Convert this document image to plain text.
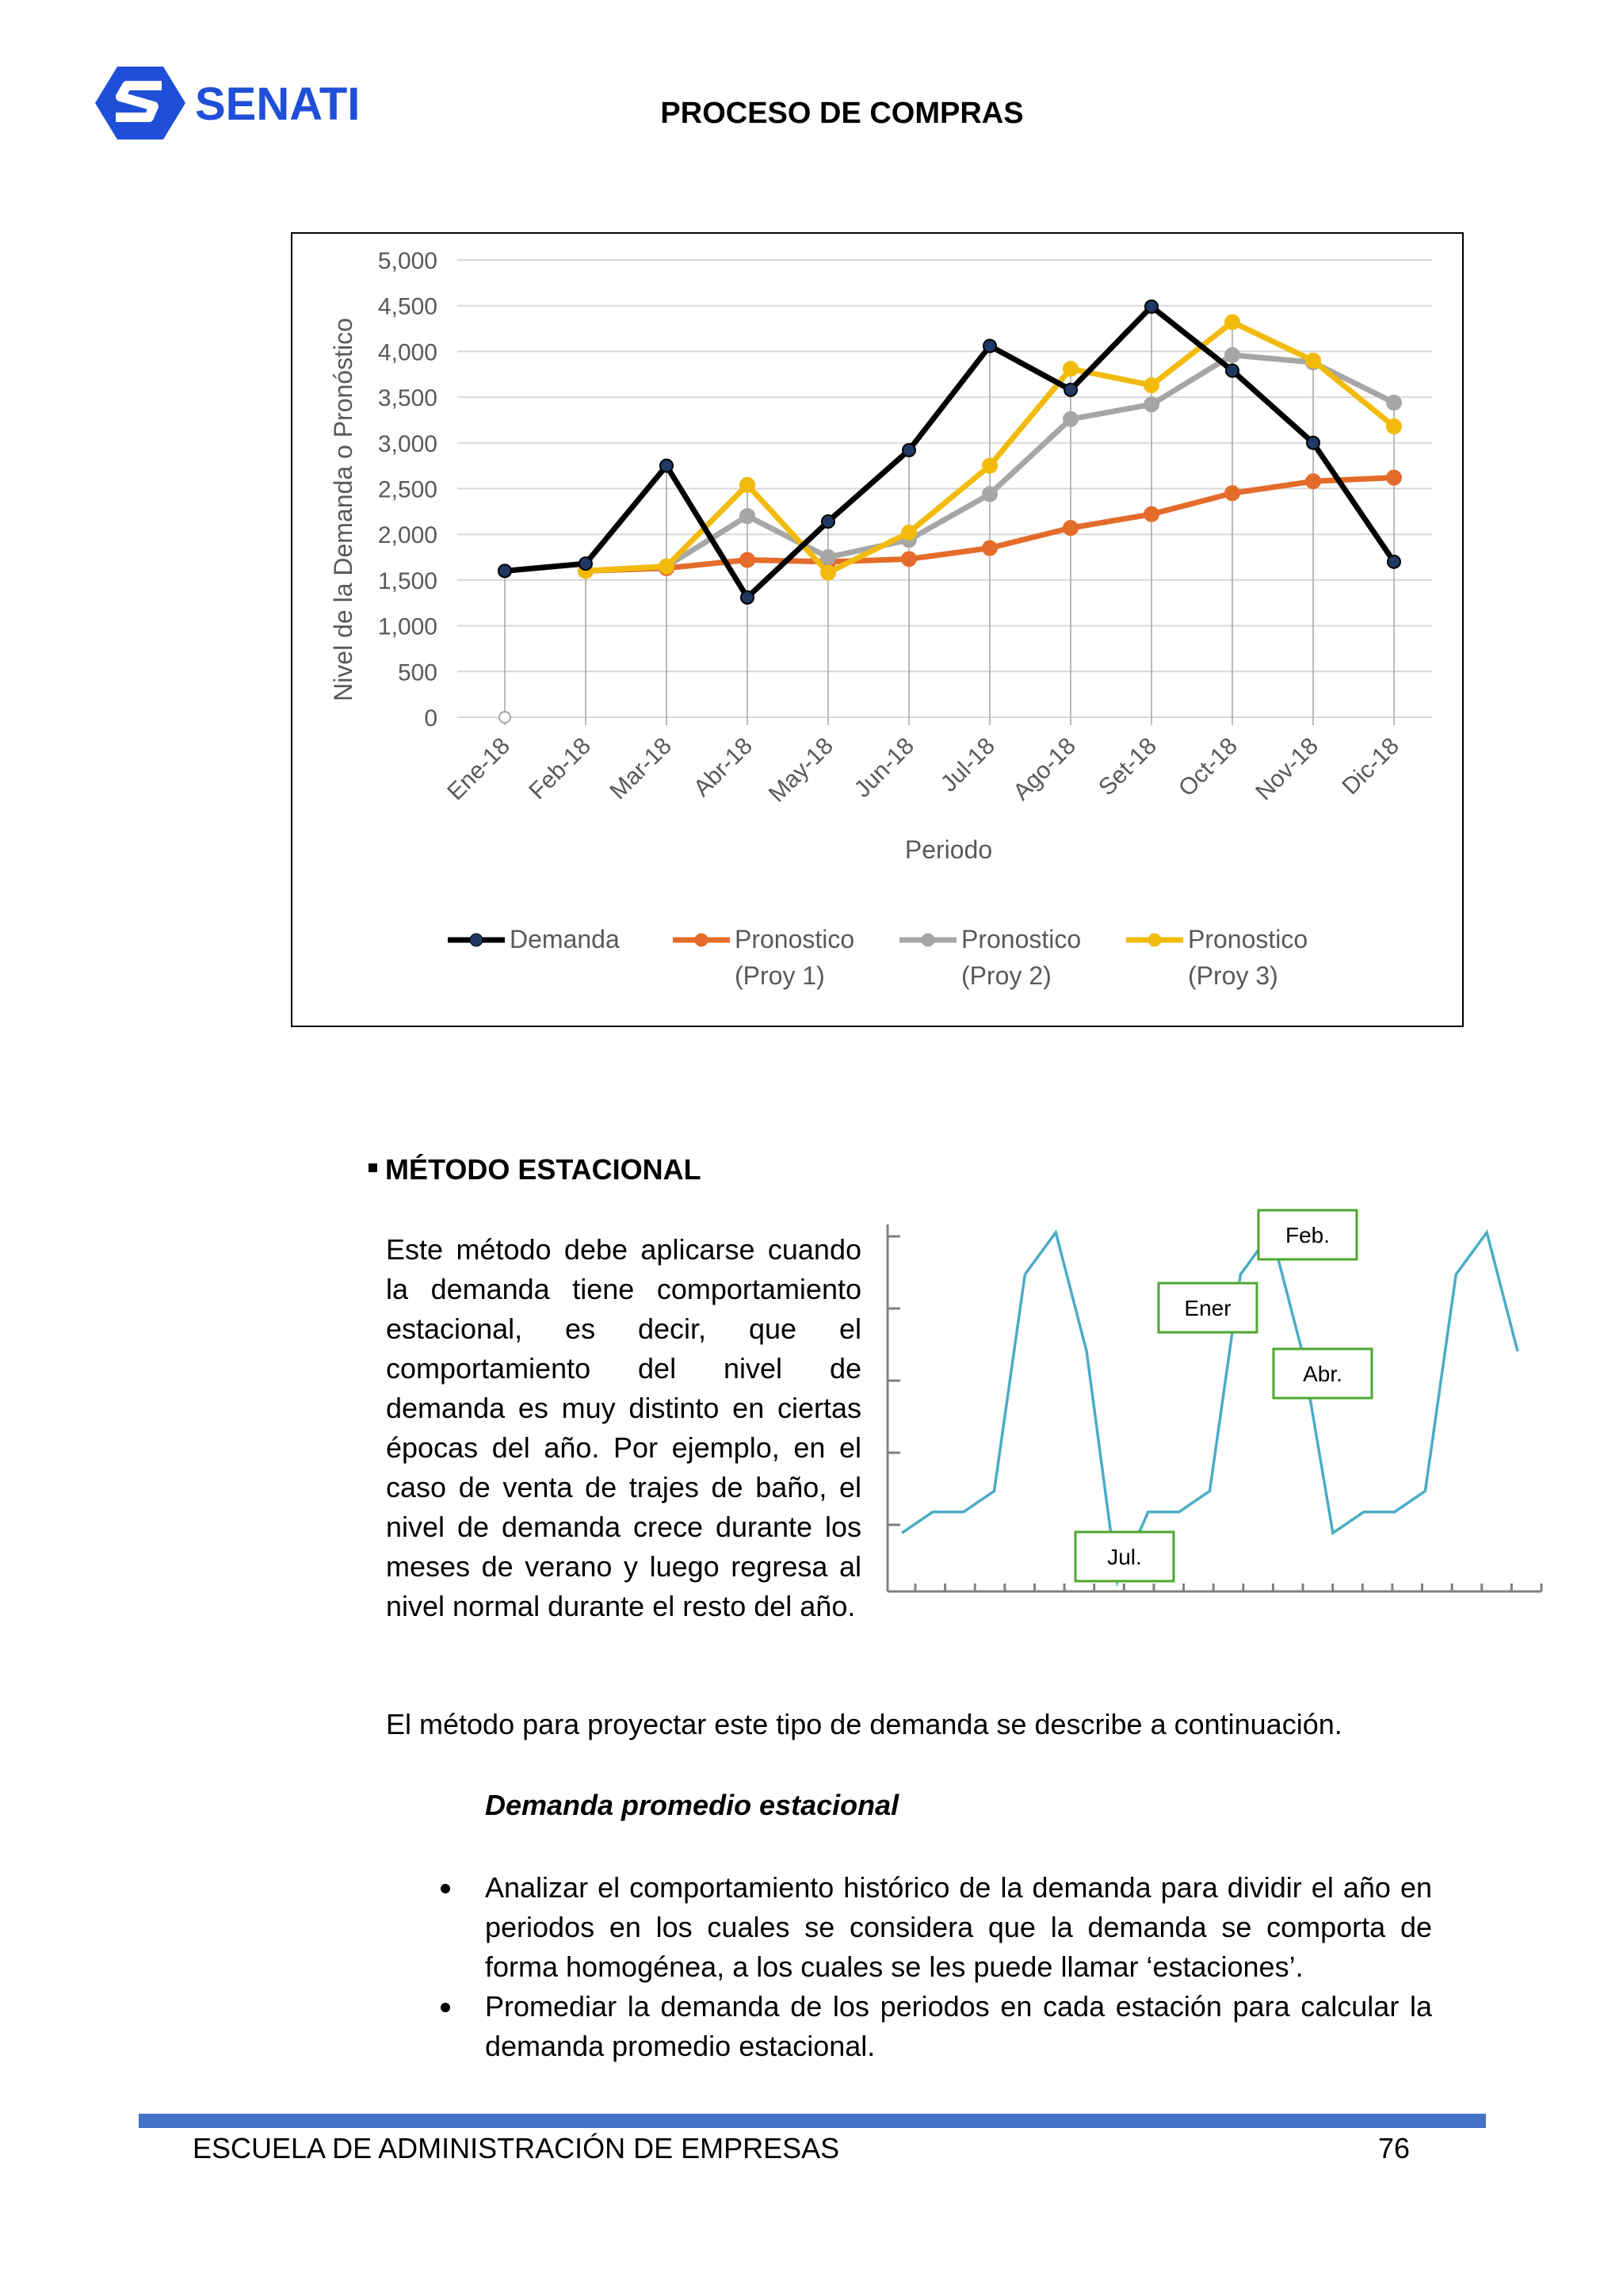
SENATI	PROCESO DE COMPRAS
0
500
1,000
1,500
2,000
2,500
3,000
3,500
4,000
4,500
5,000
Ene-18 Feb-18 Mar-18 Abr-18 May-18 Jun-18 Jul-18 Ago-18 Set-18 Oct-18 Nov-18 Dic-18
Periodo
Nivel de la Demanda o Pronóstico
Demanda	Pronostico
(Proy 1)
Pronostico
(Proy 2)
Pronostico
(Proy 3)
MÉTODO ESTACIONAL
Este método debe aplicarse cuando la demanda tiene comportamiento estacional, es decir, que el comportamiento del nivel de demanda es muy distinto en ciertas épocas del año. Por ejemplo, en el caso de venta de trajes de baño, el nivel de demanda crece durante los meses de verano y luego regresa al nivel normal durante el resto del año.
Feb.
Ener
Abr.
Jul.
El método para proyectar este tipo de demanda se describe a continuación.
Demanda promedio estacional
Analizar el comportamiento histórico de la demanda para dividir el año en periodos en los cuales se considera que la demanda se comporta de forma homogénea, a los cuales se les puede llamar ‘estaciones’.
Promediar la demanda de los periodos en cada estación para calcular la demanda promedio estacional.
ESCUELA DE ADMINISTRACIÓN DE EMPRESAS	76
